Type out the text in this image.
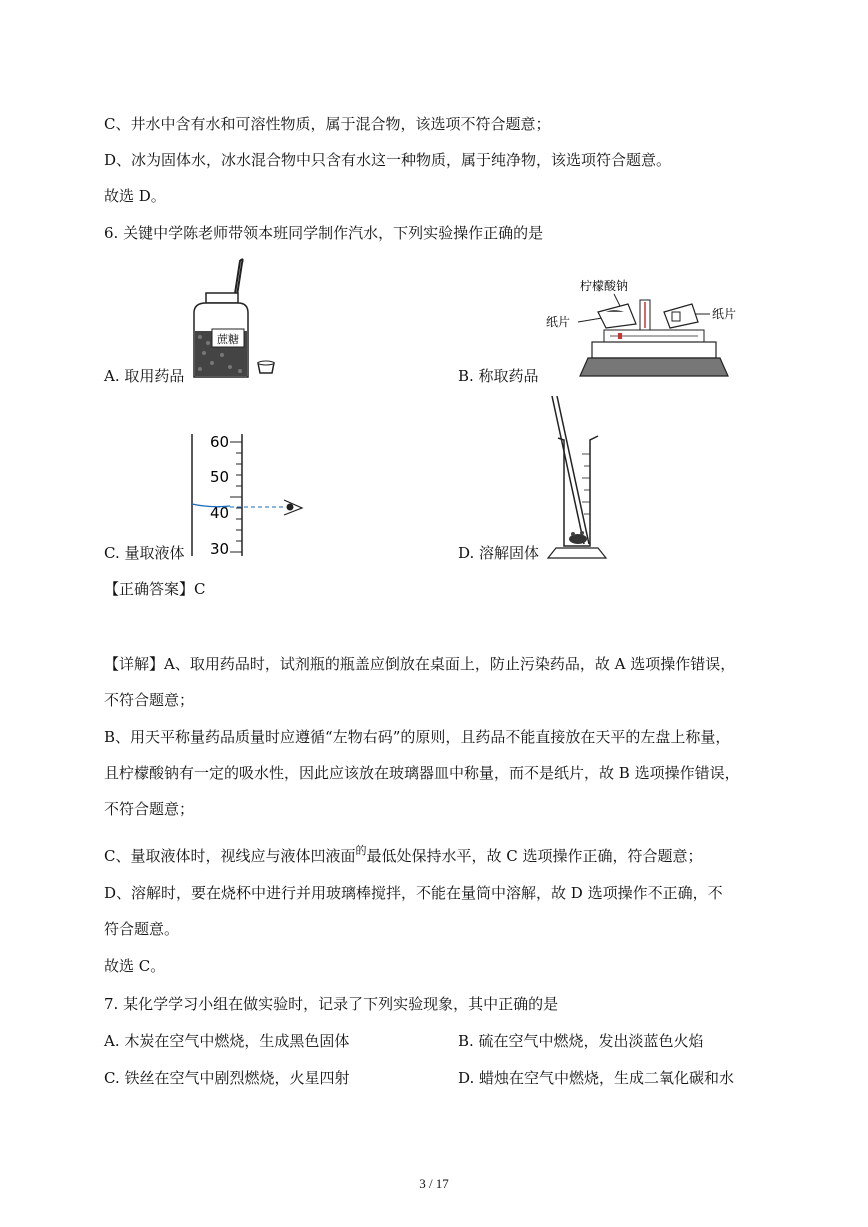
C、井水中含有水和可溶性物质，属于混合物，该选项不符合题意；
D、冰为固体水，冰水混合物中只含有水这一种物质，属于纯净物，该选项符合题意。
故选 D。
6. 关键中学陈老师带领本班同学制作汽水，下列实验操作正确的是
蔗糖
A. 取用药品
柠檬酸钠
纸片
纸片
B. 称取药品
60
50
40
30
C. 量取液体	D. 溶解固体
【正确答案】C
【详解】A、取用药品时，试剂瓶的瓶盖应倒放在桌面上，防止污染药品，故 A 选项操作错误，
不符合题意；
B、用天平称量药品质量时应遵循“左物右码”的原则，且药品不能直接放在天平的左盘上称量，
且柠檬酸钠有一定的吸水性，因此应该放在玻璃器皿中称量，而不是纸片，故 B 选项操作错误，
不符合题意；
C、量取液体时，视线应与液体凹液面$^的$最低处保持水平，故 C 选项操作正确，符合题意；
D、溶解时，要在烧杯中进行并用玻璃棒搅拌，不能在量筒中溶解，故 D 选项操作不正确，不
符合题意。
故选 C。
7. 某化学学习小组在做实验时，记录了下列实验现象，其中正确的是
A. 木炭在空气中燃烧，生成黑色固体	B. 硫在空气中燃烧，发出淡蓝色火焰
C. 铁丝在空气中剧烈燃烧，火星四射	D. 蜡烛在空气中燃烧，生成二氧化碳和水
3 / 17
